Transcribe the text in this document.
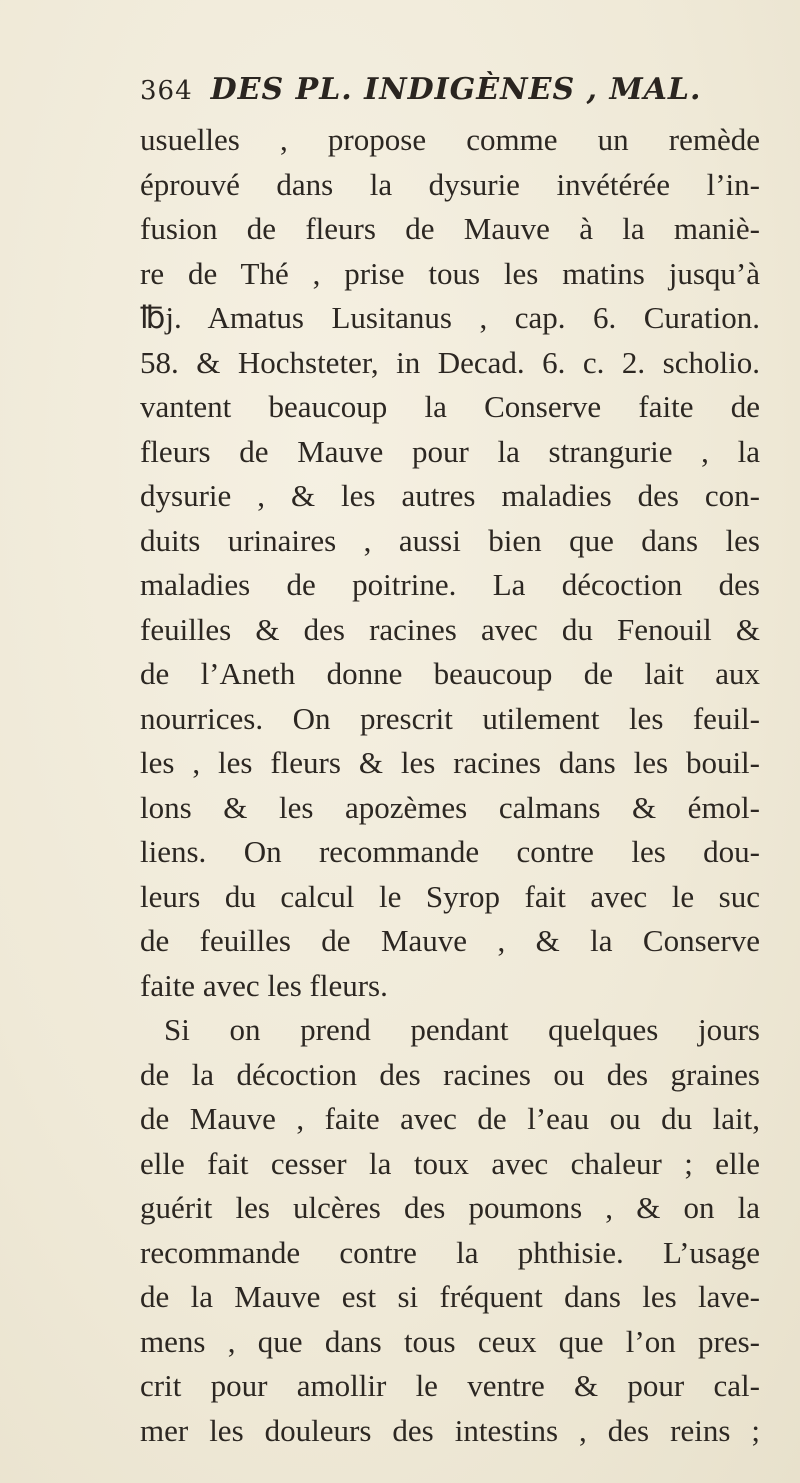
364 DES PL. INDIGÈNES , MAL.
usuelles , propose comme un remède
éprouvé dans la dysurie invétérée l’in-
fusion de fleurs de Mauve à la maniè-
re de Thé , prise tous les matins jusqu’à
℔j. Amatus Lusitanus , cap. 6. Curation.
58. & Hochsteter, in Decad. 6. c. 2. scholio.
vantent beaucoup la Conserve faite de
fleurs de Mauve pour la strangurie , la
dysurie , & les autres maladies des con-
duits urinaires , aussi bien que dans les
maladies de poitrine. La décoction des
feuilles & des racines avec du Fenouil &
de l’Aneth donne beaucoup de lait aux
nourrices. On prescrit utilement les feuil-
les , les fleurs & les racines dans les bouil-
lons & les apozèmes calmans & émol-
liens. On recommande contre les dou-
leurs du calcul le Syrop fait avec le suc
de feuilles de Mauve , & la Conserve
faite avec les fleurs.
Si on prend pendant quelques jours
de la décoction des racines ou des graines
de Mauve , faite avec de l’eau ou du lait,
elle fait cesser la toux avec chaleur ; elle
guérit les ulcères des poumons , & on la
recommande contre la phthisie. L’usage
de la Mauve est si fréquent dans les lave-
mens , que dans tous ceux que l’on pres-
crit pour amollir le ventre & pour cal-
mer les douleurs des intestins , des reins ;
